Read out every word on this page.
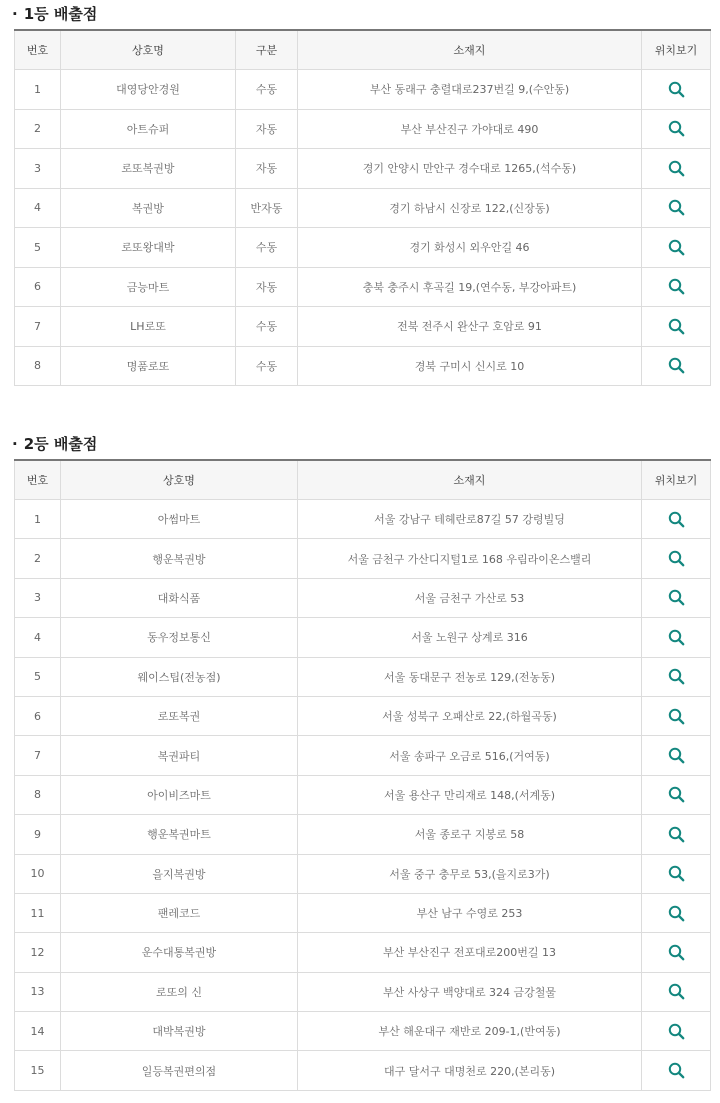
· 1등 배출점
번호	상호명	구분	소재지	위치보기
1	대영당안경원	수동	부산 동래구 충렬대로237번길 9,(수안동)	
2	아트슈퍼	자동	부산 부산진구 가야대로 490	
3	로또복권방	자동	경기 안양시 만안구 경수대로 1265,(석수동)	
4	복권방	반자동	경기 하남시 신장로 122,(신장동)	
5	로또왕대박	수동	경기 화성시 외우안길 46	
6	금능마트	자동	충북 충주시 후곡길 19,(연수동, 부강아파트)	
7	LH로또	수동	전북 전주시 완산구 호암로 91	
8	명품로또	수동	경북 구미시 신시로 10	
· 2등 배출점
번호	상호명	소재지	위치보기
1	아썸마트	서울 강남구 테헤란로87길 57 강령빌딩	
2	행운복권방	서울 금천구 가산디지털1로 168 우림라이온스밸리	
3	대화식품	서울 금천구 가산로 53	
4	동우정보통신	서울 노원구 상계로 316	
5	웨이스팁(전농점)	서울 동대문구 전농로 129,(전농동)	
6	로또복권	서울 성북구 오패산로 22,(하월곡동)	
7	복권파티	서울 송파구 오금로 516,(거여동)	
8	아이비즈마트	서울 용산구 만리재로 148,(서계동)	
9	행운복권마트	서울 종로구 지봉로 58	
10	을지복권방	서울 중구 충무로 53,(을지로3가)	
11	팬레코드	부산 남구 수영로 253	
12	운수대통복권방	부산 부산진구 전포대로200번길 13	
13	로또의 신	부산 사상구 백양대로 324 금강철물	
14	대박복권방	부산 해운대구 재반로 209-1,(반여동)	
15	일등복권편의점	대구 달서구 대명천로 220,(본리동)	
